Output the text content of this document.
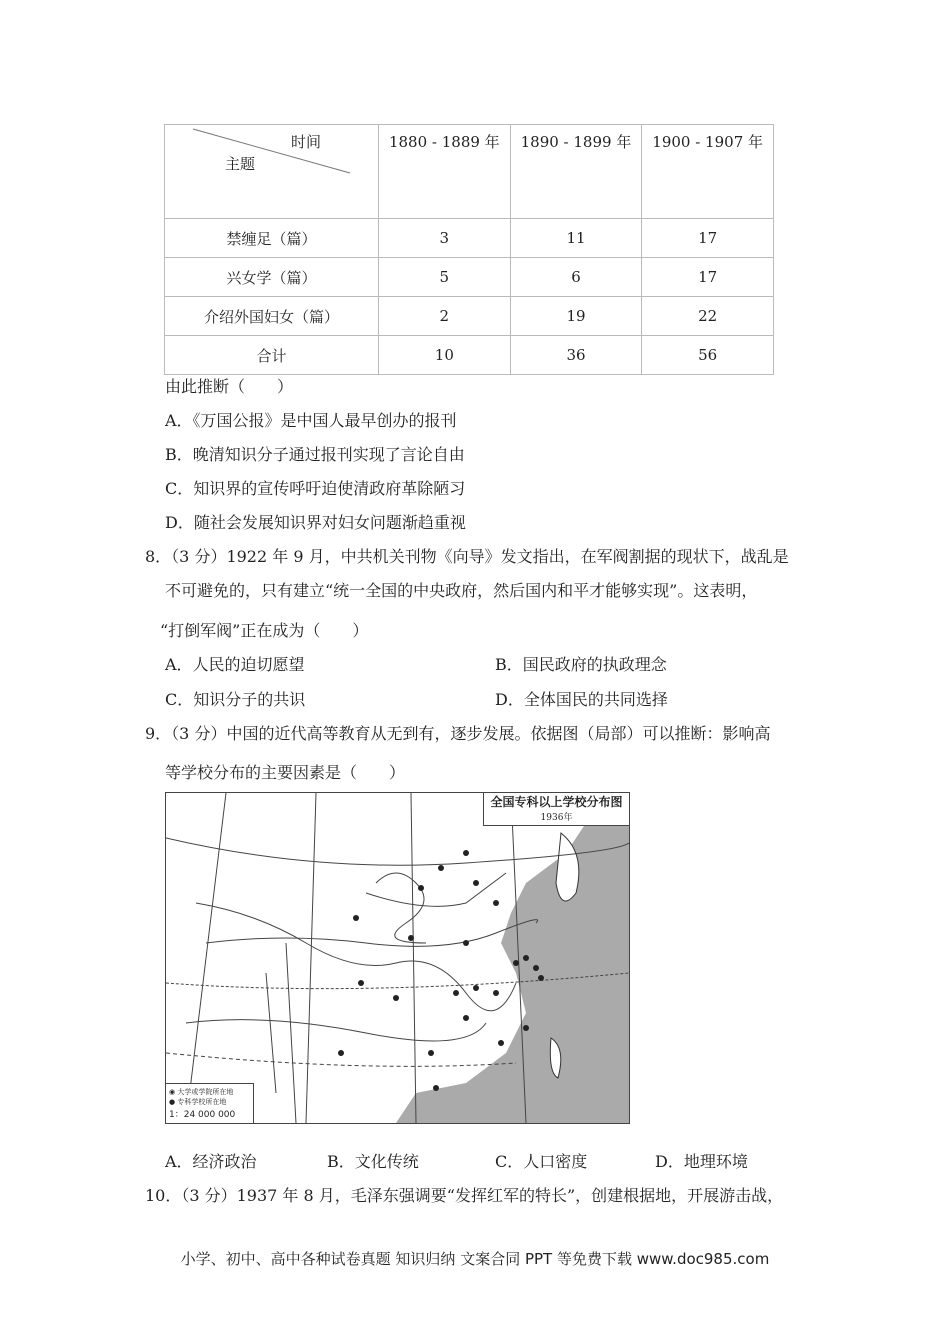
时间
主题	1880 - 1889 年	1890 - 1899 年	1900 - 1907 年
禁缠足（篇）	3	11	17
兴女学（篇）	5	6	17
介绍外国妇女（篇）	2	19	22
合计	10	36	56
由此推断（　　）
A．《万国公报》是中国人最早创办的报刊
B．晚清知识分子通过报刊实现了言论自由
C．知识界的宣传呼吁迫使清政府革除陋习
D．随社会发展知识界对妇女问题渐趋重视
8．（3 分）1922 年 9 月，中共机关刊物《向导》发文指出，在军阀割据的现状下，战乱是
不可避免的，只有建立“统一全国的中央政府，然后国内和平才能够实现”。这表明，
“打倒军阀”正在成为（　　）
A．人民的迫切愿望	B．国民政府的执政理念
C．知识分子的共识	D．全体国民的共同选择
9．（3 分）中国的近代高等教育从无到有，逐步发展。依据图（局部）可以推断：影响高
等学校分布的主要因素是（　　）
全国专科以上学校分布图
1936年
◉ 大学或学院所在地
● 专科学校所在地
1：24 000 000
A．经济政治	B．文化传统	C．人口密度	D．地理环境
10．（3 分）1937 年 8 月，毛泽东强调要“发挥红军的特长”，创建根据地，开展游击战，
小学、初中、高中各种试卷真题 知识归纳 文案合同 PPT 等免费下载 www.doc985.com
